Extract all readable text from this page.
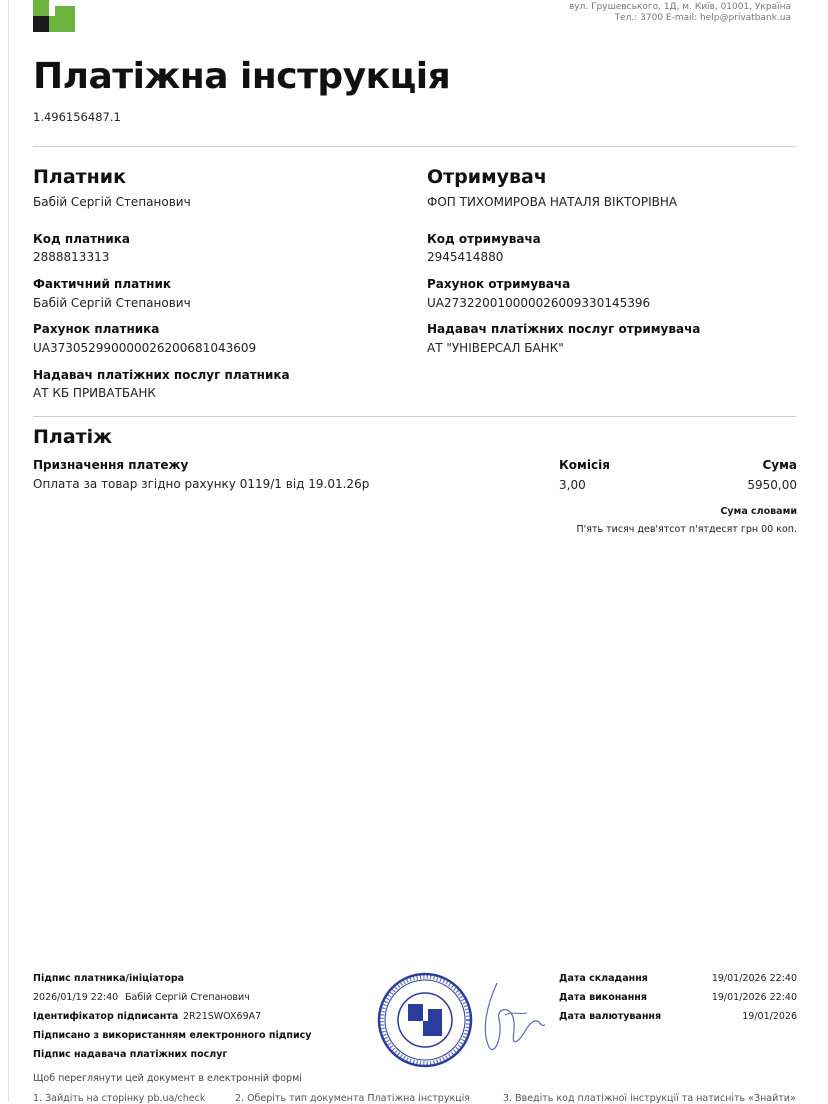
вул. Грушевського, 1Д, м. Київ, 01001, Україна
Тел.: 3700 E-mail: help@privatbank.ua
Платіжна інструкція
1.496156487.1
Платник
Бабій Сергій Степанович
Код платника
2888813313
Фактичний платник
Бабій Сергій Степанович
Рахунок платника
UA373052990000026200681043609
Надавач платіжних послуг платника
АТ КБ ПРИВАТБАНК
Отримувач
ФОП ТИХОМИРОВА НАТАЛЯ ВІКТОРІВНА
Код отримувача
2945414880
Рахунок отримувача
UA273220010000026009330145396
Надавач платіжних послуг отримувача
АТ "УНІВЕРСАЛ БАНК"
Платіж
Призначення платежу
Оплата за товар згідно рахунку 0119/1 від 19.01.26р
Комісія
3,00
Сума
5950,00
Сума словами
П'ять тисяч дев'ятсот п'ятдесят грн 00 коп.
Підпис платника/ініціатора
2026/01/19 22:40 Бабій Сергій Степанович
Ідентифікатор підписанта 2R21SWOX69A7
Підписано з використанням електронного підпису
Підпис надавача платіжних послуг
Дата складання	19/01/2026 22:40
Дата виконання	19/01/2026 22:40
Дата валютування	19/01/2026
Щоб переглянути цей документ в електронній формі
1. Зайдіть на сторінку pb.ua/check	2. Оберіть тип документа Платіжна інструкція	3. Введіть код платіжної інструкції та натисніть «Знайти»
